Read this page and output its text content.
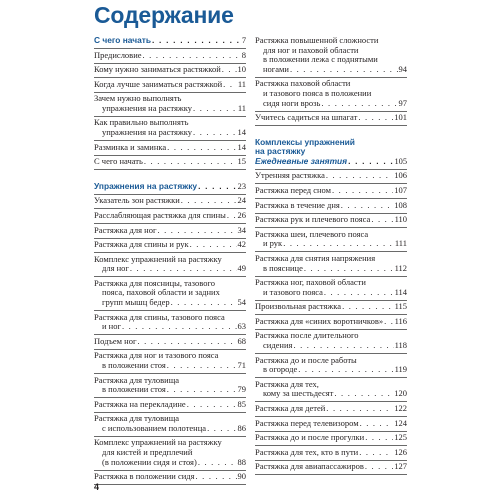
Содержание
С чего начать . . .	7
Предисловие . . .	8
Кому нужно заниматься растяжкой . . . 10
Когда лучше заниматься растяжкой . . . 11
Зачем нужно выполнять
упражнения на растяжку . . .	11
Как правильно выполнять
упражнения на растяжку . . .	14
Разминка и заминка . . .	14
С чего начать . . .	15
Упражнения на растяжку . . .	23
Указатель зон растяжки . . .	24
Расслабляющая растяжка для спины . . . 26
Растяжка для ног . . .	34
Растяжка для спины и рук . . .	42
Комплекс упражнений на растяжку
для ног . . .	49
Растяжка для поясницы, тазового
пояса, паховой области и задних
групп мышц бедер . . .	54
Растяжка для спины, тазового пояса
и ног . . .	63
Подъем ног . . .	68
Растяжка для ног и тазового пояса
в положении стоя . . .	71
Растяжка для туловища
в положении стоя . . .	79
Растяжка на перекладине . . .	85
Растяжка для туловища
с использованием полотенца . . .	86
Комплекс упражнений на растяжку
для кистей и предплечий
(в положении сидя и стоя) . . .	88
Растяжка в положении сидя . . .	90
Растяжка повышенной сложности
для ног и паховой области
в положении лежа с поднятыми
ногами . . .	94
Растяжка паховой области
и тазового пояса в положении
сидя ноги врозь . . .	97
Учитесь садиться на шпагат . . .	101
Комплексы упражнений
на растяжку
Ежедневные занятия . . .	105
Утренняя растяжка . . .	106
Растяжка перед сном . . .	107
Растяжка в течение дня . . .	108
Растяжка рук и плечевого пояса . . .	110
Растяжка шеи, плечевого пояса
и рук . . .	111
Растяжка для снятия напряжения
в пояснице . . .	112
Растяжка ног, паховой области
и тазового пояса . . .	114
Произвольная растяжка . . .	115
Растяжка для «синих воротничков» . . . 116
Растяжка после длительного
сидения . . .	118
Растяжка до и после работы
в огороде . . .	119
Растяжка для тех,
кому за шестьдесят . . .	120
Растяжка для детей . . .	122
Растяжка перед телевизором . . .	124
Растяжка до и после прогулки . . .	125
Растяжка для тех, кто в пути . . .	126
Растяжка для авиапассажиров . . .	127
4
